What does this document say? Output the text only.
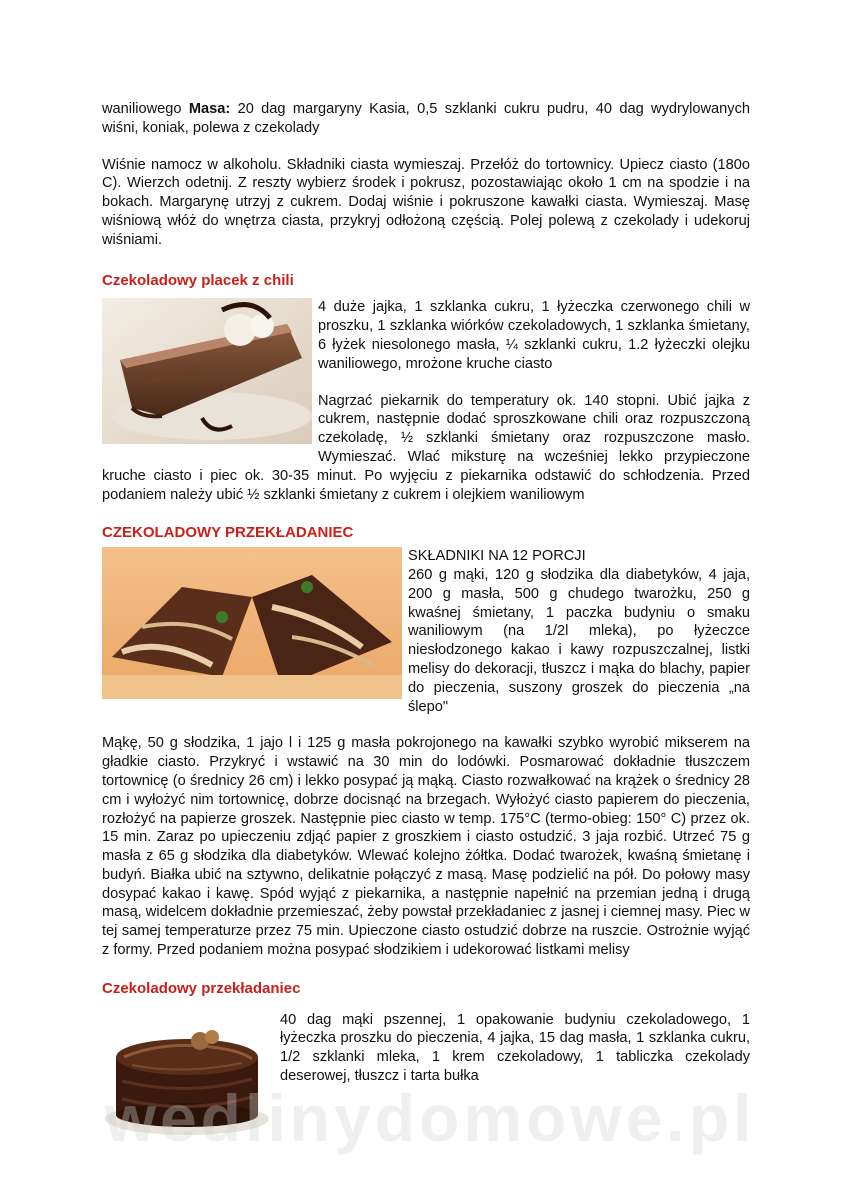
waniliowego Masa: 20 dag margaryny Kasia, 0,5 szklanki cukru pudru, 40 dag wydrylowanych wiśni, koniak, polewa z czekolady

Wiśnie namocz w alkoholu. Składniki ciasta wymieszaj. Przełóż do tortownicy. Upiecz ciasto (180o C). Wierzch odetnij. Z reszty wybierz środek i pokrusz, pozostawiając około 1 cm na spodzie i na bokach. Margarynę utrzyj z cukrem. Dodaj wiśnie i pokruszone kawałki ciasta. Wymieszaj. Masę wiśniową włóż do wnętrza ciasta, przykryj odłożoną częścią. Polej polewą z czekolady i udekoruj wiśniami.

Czekoladowy placek z chili

4 duże jajka, 1 szklanka cukru, 1 łyżeczka czerwonego chili w proszku, 1 szklanka wiórków czekoladowych, 1 szklanka śmietany, 6 łyżek niesolonego masła, ¼ szklanki cukru, 1.2 łyżeczki olejku waniliowego, mrożone kruche ciasto

Nagrzać piekarnik do temperatury ok. 140 stopni. Ubić jajka z cukrem, następnie dodać sproszkowane chili oraz rozpuszczoną czekoladę, ½ szklanki śmietany oraz rozpuszczone masło. Wymieszać. Wlać miksturę na wcześniej lekko przypieczone kruche ciasto i piec ok. 30-35 minut. Po wyjęciu z piekarnika odstawić do schłodzenia. Przed podaniem należy ubić ½ szklanki śmietany z cukrem i olejkiem waniliowym

CZEKOLADOWY PRZEKŁADANIEC

SKŁADNIKI NA 12 PORCJI

260 g mąki, 120 g słodzika dla diabetyków, 4 jaja, 200 g masła, 500 g chudego twarożku, 250 g kwaśnej śmietany, 1 paczka budyniu o smaku waniliowym (na 1/2l mleka), po łyżeczce niesłodzonego kakao i kawy rozpuszczalnej, listki melisy do dekoracji, tłuszcz i mąka do blachy, papier do pieczenia, suszony groszek do pieczenia „na ślepo"

Mąkę, 50 g słodzika, 1 jajo l i 125 g masła pokrojonego na kawałki szybko wyrobić mikserem na gładkie ciasto. Przykryć i wstawić na 30 min do lodówki. Posmarować dokładnie tłuszczem tortownicę (o średnicy 26 cm) i lekko posypać ją mąką. Ciasto rozwałkować na krążek o średnicy 28 cm i wyłożyć nim tortownicę, dobrze docisnąć na brzegach. Wyłożyć ciasto papierem do pieczenia, rozłożyć na papierze groszek. Następnie piec ciasto w temp. 175°C (termo-obieg: 150° C) przez ok. 15 min. Zaraz po upieczeniu zdjąć papier z groszkiem i ciasto ostudzić. 3 jaja rozbić. Utrzeć 75 g masła z 65 g słodzika dla diabetyków. Wlewać kolejno żółtka. Dodać twarożek, kwaśną śmietanę i budyń. Białka ubić na sztywno, delikatnie połączyć z masą. Masę podzielić na pół. Do połowy masy dosypać kakao i kawę. Spód wyjąć z piekarnika, a następnie napełnić na przemian jedną i drugą masą, widelcem dokładnie przemieszać, żeby powstał przekładaniec z jasnej i ciemnej masy. Piec w tej samej temperaturze przez 75 min. Upieczone ciasto ostudzić dobrze na ruszcie. Ostrożnie wyjąć z formy. Przed podaniem można posypać słodzikiem i udekorować listkami melisy

Czekoladowy przekładaniec

40 dag mąki pszennej, 1 opakowanie budyniu czekoladowego, 1 łyżeczka proszku do pieczenia, 4 jajka, 15 dag masła, 1 szklanka cukru, 1/2 szklanki mleka, 1 krem czekoladowy, 1 tabliczka czekolady deserowej, tłuszcz i tarta bułka

wedlinydomowe.pl
